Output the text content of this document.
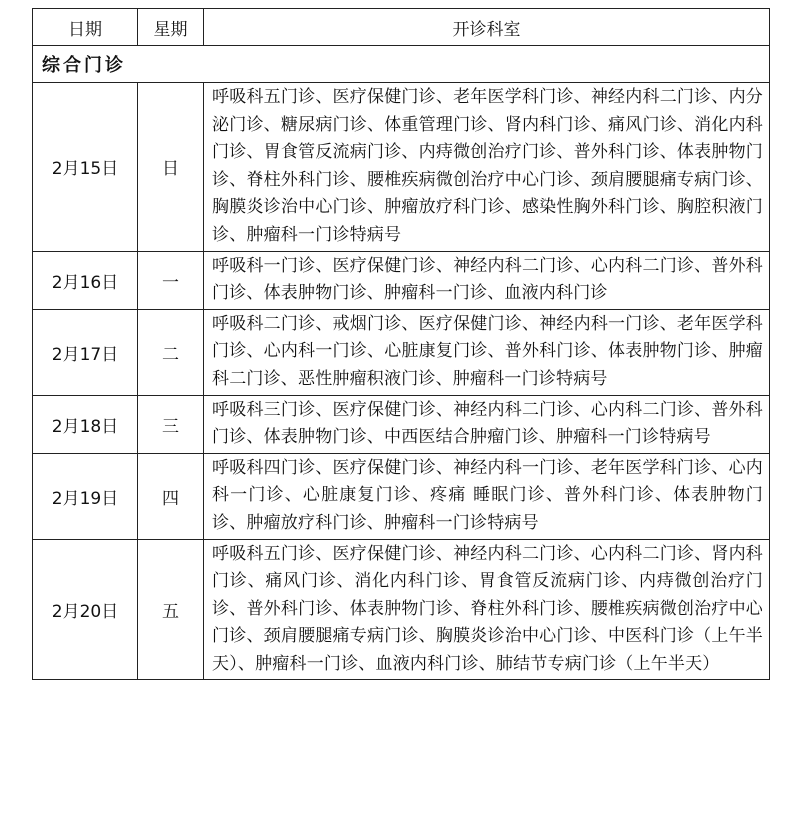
日期	星期	开诊科室
综合门诊		
2月15日	日	呼吸科五门诊、医疗保健门诊、老年医学科门诊、神经内科二门诊、内分泌门诊、糖尿病门诊、体重管理门诊、肾内科门诊、痛风门诊、消化内科门诊、胃食管反流病门诊、内痔微创治疗门诊、普外科门诊、体表肿物门诊、脊柱外科门诊、腰椎疾病微创治疗中心门诊、颈肩腰腿痛专病门诊、胸膜炎诊治中心门诊、肿瘤放疗科门诊、感染性胸外科门诊、胸腔积液门诊、肿瘤科一门诊特病号
2月16日	一	呼吸科一门诊、医疗保健门诊、神经内科二门诊、心内科二门诊、普外科门诊、体表肿物门诊、肿瘤科一门诊、血液内科门诊
2月17日	二	呼吸科二门诊、戒烟门诊、医疗保健门诊、神经内科一门诊、老年医学科门诊、心内科一门诊、心脏康复门诊、普外科门诊、体表肿物门诊、肿瘤科二门诊、恶性肿瘤积液门诊、肿瘤科一门诊特病号
2月18日	三	呼吸科三门诊、医疗保健门诊、神经内科二门诊、心内科二门诊、普外科门诊、体表肿物门诊、中西医结合肿瘤门诊、肿瘤科一门诊特病号
2月19日	四	呼吸科四门诊、医疗保健门诊、神经内科一门诊、老年医学科门诊、心内科一门诊、心脏康复门诊、疼痛 睡眠门诊、普外科门诊、体表肿物门诊、肿瘤放疗科门诊、肿瘤科一门诊特病号
2月20日	五	呼吸科五门诊、医疗保健门诊、神经内科二门诊、心内科二门诊、肾内科门诊、痛风门诊、消化内科门诊、胃食管反流病门诊、内痔微创治疗门诊、普外科门诊、体表肿物门诊、脊柱外科门诊、腰椎疾病微创治疗中心门诊、颈肩腰腿痛专病门诊、胸膜炎诊治中心门诊、中医科门诊（上午半天）、肿瘤科一门诊、血液内科门诊、肺结节专病门诊（上午半天）
